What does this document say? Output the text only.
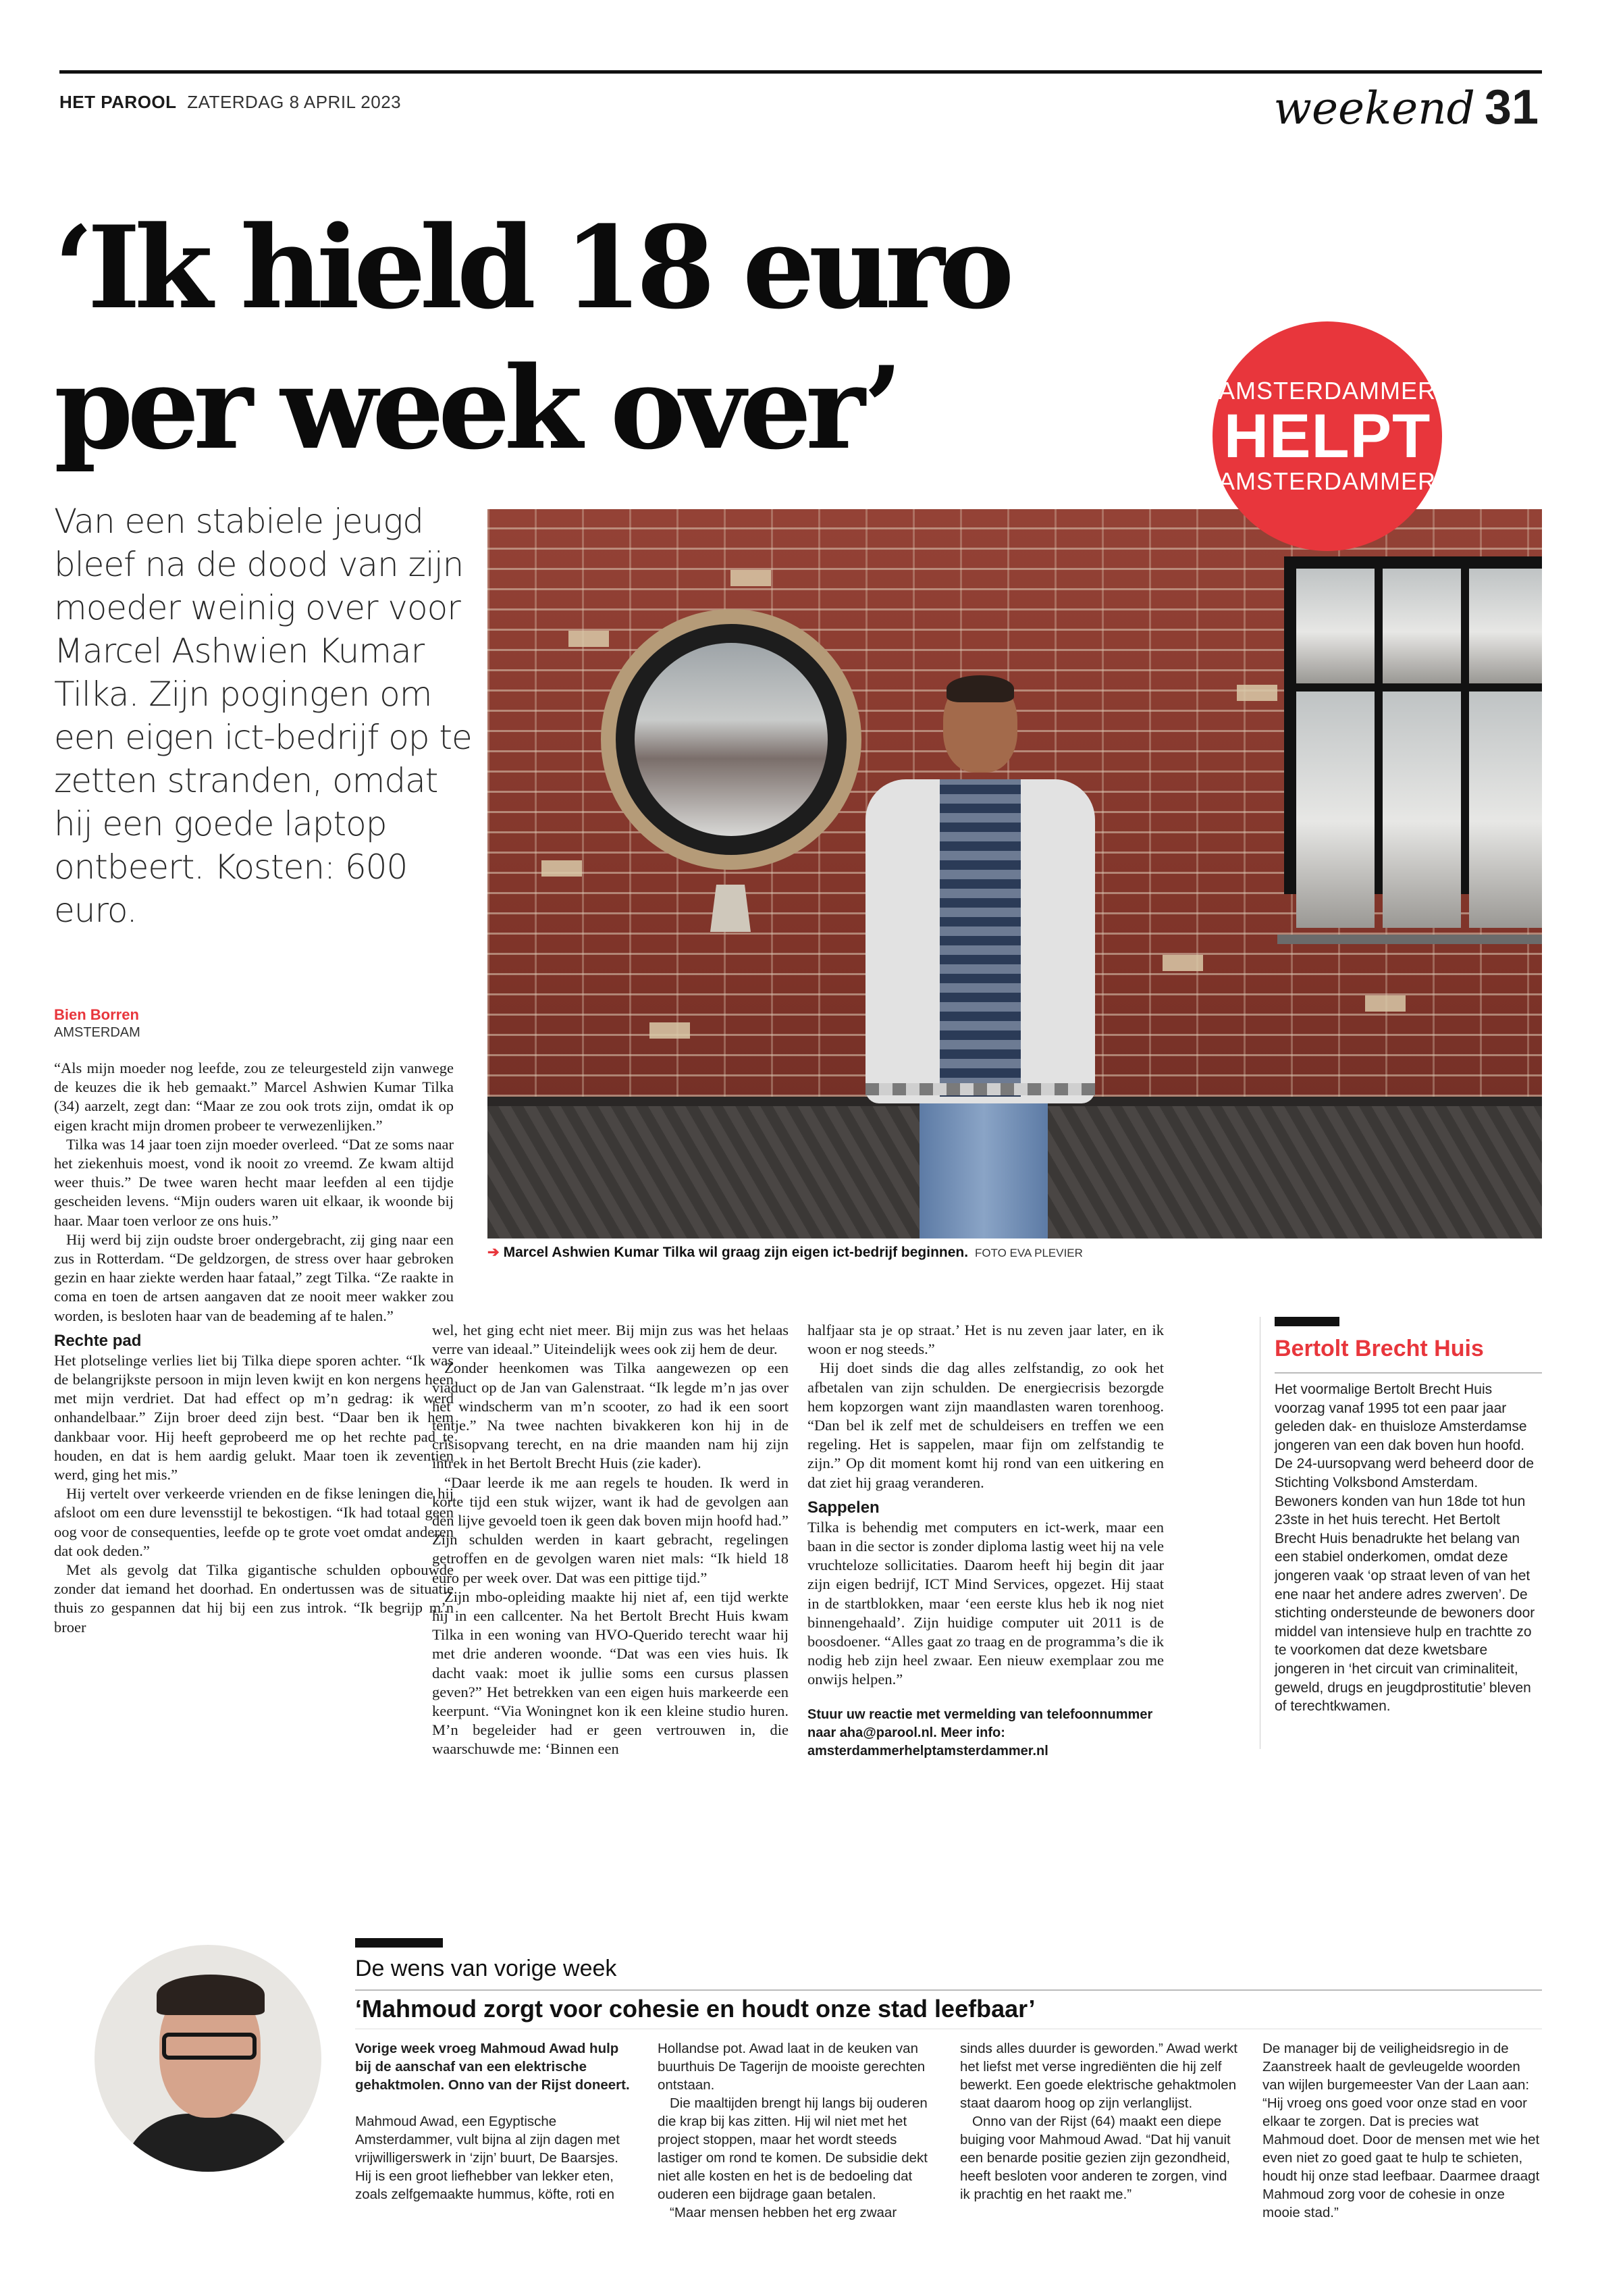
HET PAROOL ZATERDAG 8 APRIL 2023	weekend 31
‘Ik hield 18 euro
per week over’	AMSTERDAMMER
HELPT
AMSTERDAMMER
Van een stabiele jeugd bleef na de dood van zijn moeder weinig over voor Marcel Ashwien Kumar Tilka. Zijn pogingen om een eigen ict-bedrijf op te zetten stranden, omdat hij een goede laptop ontbeert. Kosten: 600 euro.
➔ Marcel Ashwien Kumar Tilka wil graag zijn eigen ict-bedrijf beginnen. FOTO EVA PLEVIER
Bien Borren
AMSTERDAM

“Als mijn moeder nog leefde, zou ze teleurgesteld zijn vanwege de keuzes die ik heb gemaakt.” Marcel Ashwien Kumar Tilka (34) aarzelt, zegt dan: “Maar ze zou ook trots zijn, omdat ik op eigen kracht mijn dromen probeer te verwezenlijken.”

Tilka was 14 jaar toen zijn moeder overleed. “Dat ze soms naar het ziekenhuis moest, vond ik nooit zo vreemd. Ze kwam altijd weer thuis.” De twee waren hecht maar leefden al een tijdje gescheiden levens. “Mijn ouders waren uit elkaar, ik woonde bij haar. Maar toen verloor ze ons huis.”

Hij werd bij zijn oudste broer ondergebracht, zij ging naar een zus in Rotterdam. “De geldzorgen, de stress over haar gebroken gezin en haar ziekte werden haar fataal,” zegt Tilka. “Ze raakte in coma en toen de artsen aangaven dat ze nooit meer wakker zou worden, is besloten haar van de beademing af te halen.”

Rechte pad

Het plotselinge verlies liet bij Tilka diepe sporen achter. “Ik was de belangrijkste persoon in mijn leven kwijt en kon nergens heen met mijn verdriet. Dat had effect op m’n gedrag: ik werd onhandelbaar.” Zijn broer deed zijn best. “Daar ben ik hem dankbaar voor. Hij heeft geprobeerd me op het rechte pad te houden, en dat is hem aardig gelukt. Maar toen ik zeventien werd, ging het mis.”

Hij vertelt over verkeerde vrienden en de fikse leningen die hij afsloot om een dure levensstijl te bekostigen. “Ik had totaal geen oog voor de consequenties, leefde op te grote voet omdat anderen dat ook deden.”

Met als gevolg dat Tilka gigantische schulden opbouwde zonder dat iemand het doorhad. En ondertussen was de situatie thuis zo gespannen dat hij bij een zus introk. “Ik begrijp m’n broer

wel, het ging echt niet meer. Bij mijn zus was het helaas verre van ideaal.” Uiteindelijk wees ook zij hem de deur.

Zonder heenkomen was Tilka aangewezen op een viaduct op de Jan van Galenstraat. “Ik legde m’n jas over het windscherm van m’n scooter, zo had ik een soort tentje.” Na twee nachten bivakkeren kon hij in de crisisopvang terecht, en na drie maanden nam hij zijn intrek in het Bertolt Brecht Huis (zie kader).

“Daar leerde ik me aan regels te houden. Ik werd in korte tijd een stuk wijzer, want ik had de gevolgen aan den lijve gevoeld toen ik geen dak boven mijn hoofd had.” Zijn schulden werden in kaart gebracht, regelingen getroffen en de gevolgen waren niet mals: “Ik hield 18 euro per week over. Dat was een pittige tijd.”

Zijn mbo-opleiding maakte hij niet af, een tijd werkte hij in een callcenter. Na het Bertolt Brecht Huis kwam Tilka in een woning van HVO-Querido terecht waar hij met drie anderen woonde. “Dat was een vies huis. Ik dacht vaak: moet ik jullie soms een cursus plassen geven?” Het betrekken van een eigen huis markeerde een keerpunt. “Via Woningnet kon ik een kleine studio huren. M’n begeleider had er geen vertrouwen in, die waarschuwde me: ‘Binnen een

halfjaar sta je op straat.’ Het is nu zeven jaar later, en ik woon er nog steeds.”

Hij doet sinds die dag alles zelfstandig, zo ook het afbetalen van zijn schulden. De energiecrisis bezorgde hem kopzorgen want zijn maandlasten waren torenhoog. “Dan bel ik zelf met de schuldeisers en treffen we een regeling. Het is sappelen, maar fijn om zelfstandig te zijn.” Op dit moment komt hij rond van een uitkering en dat ziet hij graag veranderen.

Sappelen

Tilka is behendig met computers en ict-werk, maar een baan in die sector is zonder diploma lastig weet hij na vele vruchteloze sollicitaties. Daarom heeft hij begin dit jaar zijn eigen bedrijf, ICT Mind Services, opgezet. Hij staat in de startblokken, maar ‘een eerste klus heb ik nog niet binnengehaald’. Zijn huidige computer uit 2011 is de boosdoener. “Alles gaat zo traag en de programma’s die ik nodig heb zijn heel zwaar. Een nieuw exemplaar zou me onwijs helpen.”

Stuur uw reactie met vermelding van telefoonnummer naar aha@parool.nl. Meer info: amsterdammerhelptamsterdammer.nl

Bertolt Brecht Huis
Het voormalige Bertolt Brecht Huis voorzag vanaf 1995 tot een paar jaar geleden dak- en thuisloze Amsterdamse jongeren van een dak boven hun hoofd. De 24-uursopvang werd beheerd door de Stichting Volksbond Amsterdam. Bewoners konden van hun 18de tot hun 23ste in het huis terecht. Het Bertolt Brecht Huis benadrukte het belang van een stabiel onderkomen, omdat deze jongeren vaak ‘op straat leven of van het ene naar het andere adres zwerven’. De stichting ondersteunde de bewoners door middel van intensieve hulp en trachtte zo te voorkomen dat deze kwetsbare jongeren in ‘het circuit van criminaliteit, geweld, drugs en jeugdprostitutie’ bleven of terechtkwamen.
De wens van vorige week
‘Mahmoud zorgt voor cohesie en houdt onze stad leefbaar’

Vorige week vroeg Mahmoud Awad hulp bij de aanschaf van een elektrische gehaktmolen. Onno van der Rijst doneert.

Mahmoud Awad, een Egyptische Amsterdammer, vult bijna al zijn dagen met vrijwilligerswerk in ‘zijn’ buurt, De Baarsjes. Hij is een groot liefhebber van lekker eten, zoals zelfgemaakte hummus, köfte, roti en

Hollandse pot. Awad laat in de keuken van buurthuis De Tagerijn de mooiste gerechten ontstaan.

Die maaltijden brengt hij langs bij ouderen die krap bij kas zitten. Hij wil niet met het project stoppen, maar het wordt steeds lastiger om rond te komen. De subsidie dekt niet alle kosten en het is de bedoeling dat ouderen een bijdrage gaan betalen.

“Maar mensen hebben het erg zwaar

sinds alles duurder is geworden.” Awad werkt het liefst met verse ingrediënten die hij zelf bewerkt. Een goede elektrische gehaktmolen staat daarom hoog op zijn verlanglijst.

Onno van der Rijst (64) maakt een diepe buiging voor Mahmoud Awad. “Dat hij vanuit een benarde positie gezien zijn gezondheid, heeft besloten voor anderen te zorgen, vind ik prachtig en het raakt me.”

De manager bij de veiligheidsregio in de Zaanstreek haalt de gevleugelde woorden van wijlen burgemeester Van der Laan aan: “Hij vroeg ons goed voor onze stad en voor elkaar te zorgen. Dat is precies wat Mahmoud doet. Door de mensen met wie het even niet zo goed gaat te hulp te schieten, houdt hij onze stad leefbaar. Daarmee draagt Mahmoud zorg voor de cohesie in onze mooie stad.”
